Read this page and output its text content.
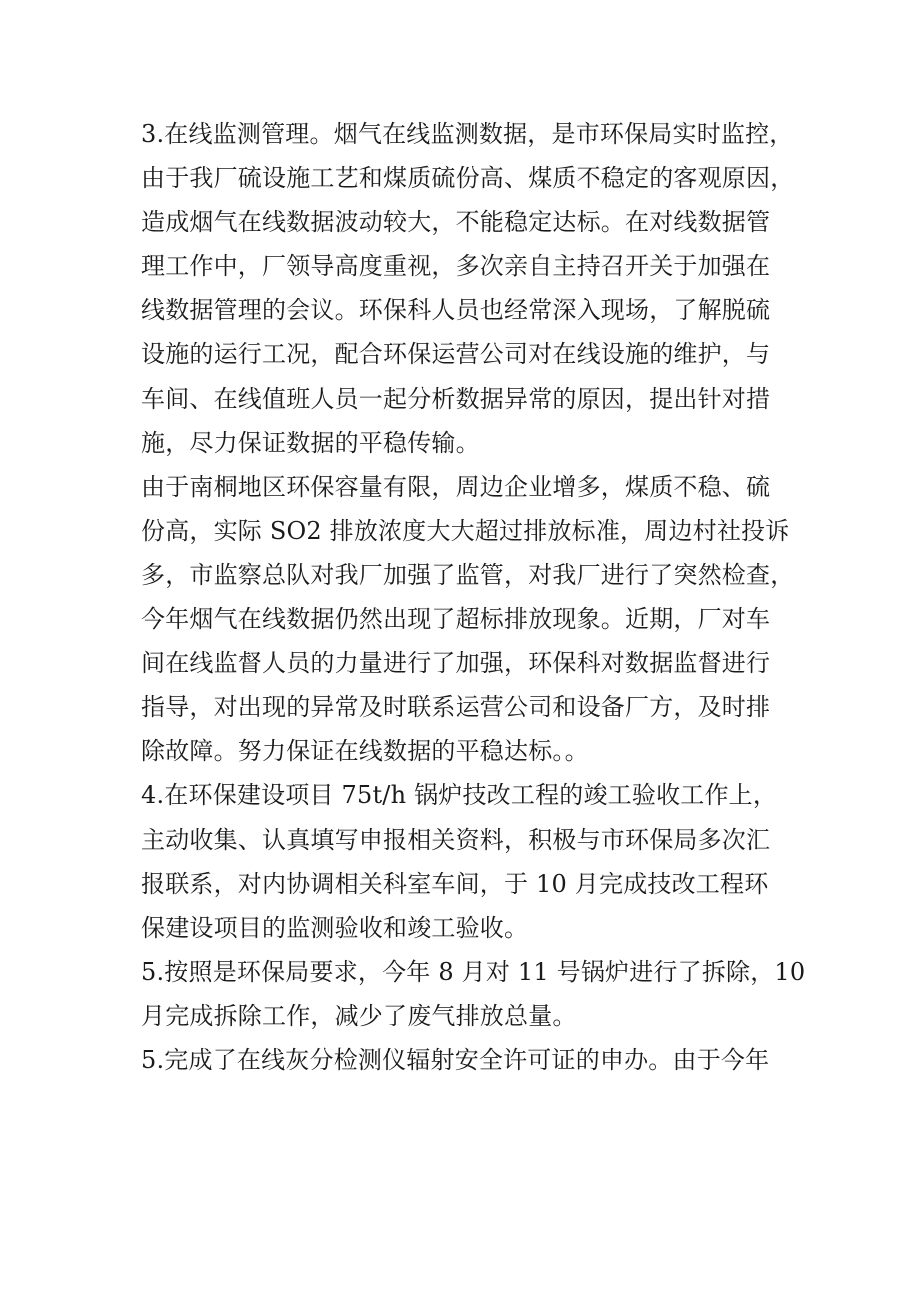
3.在线监测管理。烟气在线监测数据，是市环保局实时监控，
由于我厂硫设施工艺和煤质硫份高、煤质不稳定的客观原因，
造成烟气在线数据波动较大，不能稳定达标。在对线数据管
理工作中，厂领导高度重视，多次亲自主持召开关于加强在
线数据管理的会议。环保科人员也经常深入现场，了解脱硫
设施的运行工况，配合环保运营公司对在线设施的维护，与
车间、在线值班人员一起分析数据异常的原因，提出针对措
施，尽力保证数据的平稳传输。
由于南桐地区环保容量有限，周边企业增多，煤质不稳、硫
份高，实际 SO2 排放浓度大大超过排放标准，周边村社投诉
多，市监察总队对我厂加强了监管，对我厂进行了突然检查，
今年烟气在线数据仍然出现了超标排放现象。近期，厂对车
间在线监督人员的力量进行了加强，环保科对数据监督进行
指导，对出现的异常及时联系运营公司和设备厂方，及时排
除故障。努力保证在线数据的平稳达标。。
4.在环保建设项目 75t/h 锅炉技改工程的竣工验收工作上，
主动收集、认真填写申报相关资料，积极与市环保局多次汇
报联系，对内协调相关科室车间，于 10 月完成技改工程环
保建设项目的监测验收和竣工验收。
5.按照是环保局要求，今年 8 月对 11 号锅炉进行了拆除，10
月完成拆除工作，减少了废气排放总量。
5.完成了在线灰分检测仪辐射安全许可证的申办。由于今年
